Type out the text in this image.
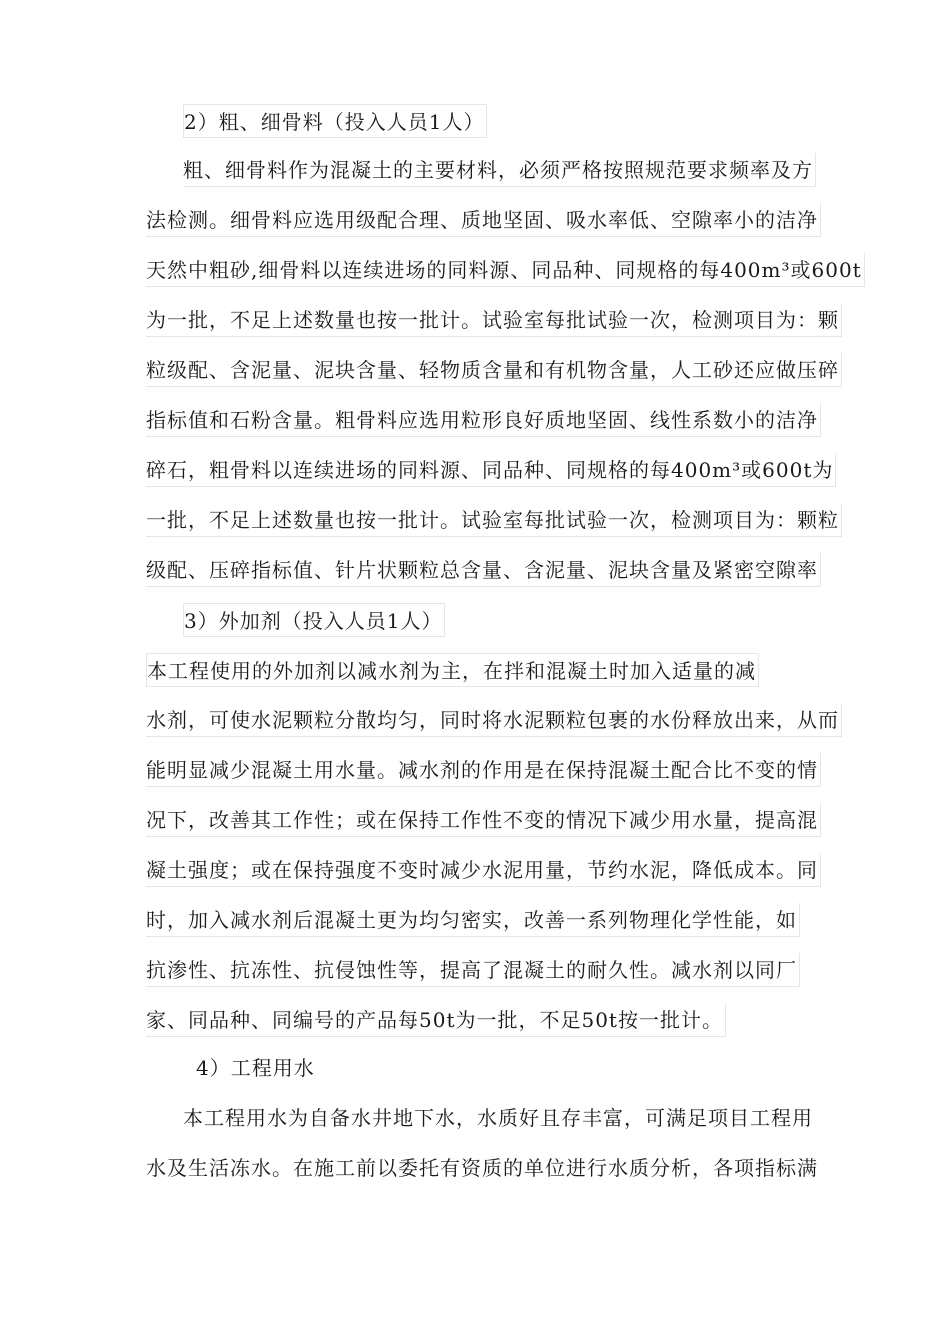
2）粗、细骨料（投入人员1人）
粗、细骨料作为混凝土的主要材料，必须严格按照规范要求频率及方
法检测。细骨料应选用级配合理、质地坚固、吸水率低、空隙率小的洁净
天然中粗砂,细骨料以连续进场的同料源、同品种、同规格的每400m³或600t
为一批，不足上述数量也按一批计。试验室每批试验一次，检测项目为：颗
粒级配、含泥量、泥块含量、轻物质含量和有机物含量，人工砂还应做压碎
指标值和石粉含量。粗骨料应选用粒形良好质地坚固、线性系数小的洁净
碎石，粗骨料以连续进场的同料源、同品种、同规格的每400m³或600t为
一批，不足上述数量也按一批计。试验室每批试验一次，检测项目为：颗粒
级配、压碎指标值、针片状颗粒总含量、含泥量、泥块含量及紧密空隙率
3）外加剂（投入人员1人）
本工程使用的外加剂以减水剂为主，在拌和混凝土时加入适量的减
水剂，可使水泥颗粒分散均匀，同时将水泥颗粒包裹的水份释放出来，从而
能明显减少混凝土用水量。减水剂的作用是在保持混凝土配合比不变的情
况下，改善其工作性；或在保持工作性不变的情况下减少用水量，提高混
凝土强度；或在保持强度不变时减少水泥用量，节约水泥，降低成本。同
时，加入减水剂后混凝土更为均匀密实，改善一系列物理化学性能，如
抗渗性、抗冻性、抗侵蚀性等，提高了混凝土的耐久性。减水剂以同厂
家、同品种、同编号的产品每50t为一批，不足50t按一批计。
4）工程用水
本工程用水为自备水井地下水，水质好且存丰富，可满足项目工程用
水及生活冻水。在施工前以委托有资质的单位进行水质分析，各项指标满
